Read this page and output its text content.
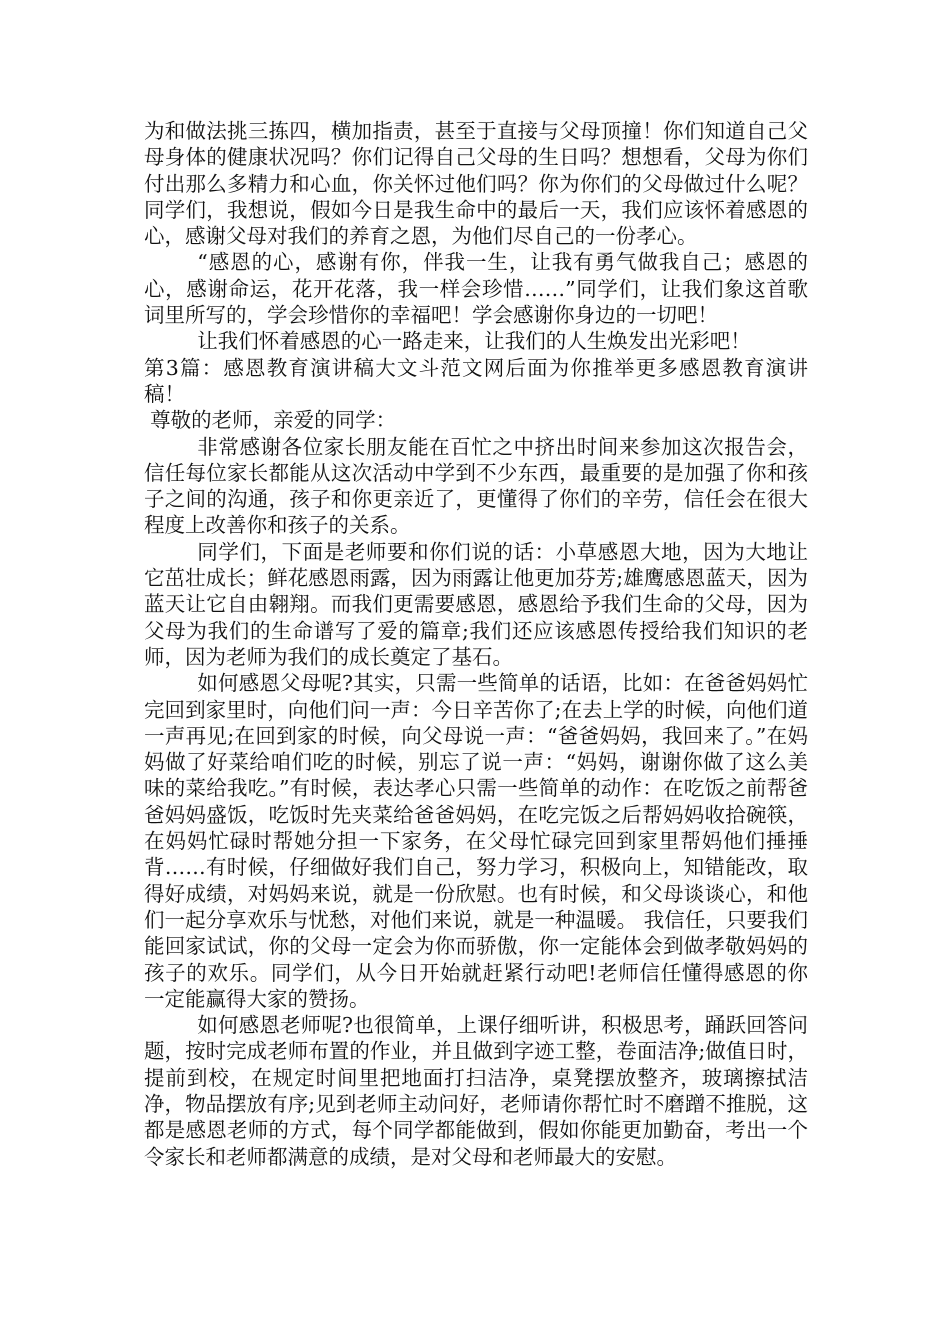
为和做法挑三拣四，横加指责，甚至于直接与父母顶撞！你们知道自己父母身体的健康状况吗？你们记得自己父母的生日吗？想想看，父母为你们付出那么多精力和心血，你关怀过他们吗？你为你们的父母做过什么呢？同学们，我想说，假如今日是我生命中的最后一天，我们应该怀着感恩的心，感谢父母对我们的养育之恩，为他们尽自己的一份孝心。

“感恩的心，感谢有你，伴我一生，让我有勇气做我自己；感恩的心，感谢命运，花开花落，我一样会珍惜……”同学们，让我们象这首歌词里所写的，学会珍惜你的幸福吧！学会感谢你身边的一切吧！

让我们怀着感恩的心一路走来，让我们的人生焕发出光彩吧！

第3篇：感恩教育演讲稿大文斗范文网后面为你推举更多感恩教育演讲稿！

尊敬的老师，亲爱的同学：

非常感谢各位家长朋友能在百忙之中挤出时间来参加这次报告会，信任每位家长都能从这次活动中学到不少东西，最重要的是加强了你和孩子之间的沟通，孩子和你更亲近了，更懂得了你们的辛劳，信任会在很大程度上改善你和孩子的关系。

同学们，下面是老师要和你们说的话：小草感恩大地，因为大地让它茁壮成长；鲜花感恩雨露，因为雨露让他更加芬芳;雄鹰感恩蓝天，因为蓝天让它自由翱翔。而我们更需要感恩，感恩给予我们生命的父母，因为父母为我们的生命谱写了爱的篇章;我们还应该感恩传授给我们知识的老师，因为老师为我们的成长奠定了基石。

如何感恩父母呢?其实，只需一些简单的话语，比如：在爸爸妈妈忙完回到家里时，向他们问一声：今日辛苦你了;在去上学的时候，向他们道一声再见;在回到家的时候，向父母说一声：“爸爸妈妈，我回来了。”在妈妈做了好菜给咱们吃的时候，别忘了说一声：“妈妈，谢谢你做了这么美味的菜给我吃。”有时候，表达孝心只需一些简单的动作：在吃饭之前帮爸爸妈妈盛饭，吃饭时先夹菜给爸爸妈妈，在吃完饭之后帮妈妈收拾碗筷，在妈妈忙碌时帮她分担一下家务，在父母忙碌完回到家里帮妈他们捶捶背……有时候，仔细做好我们自己，努力学习，积极向上，知错能改，取得好成绩，对妈妈来说，就是一份欣慰。也有时候，和父母谈谈心，和他们一起分享欢乐与忧愁，对他们来说，就是一种温暖。 我信任，只要我们能回家试试，你的父母一定会为你而骄傲，你一定能体会到做孝敬妈妈的孩子的欢乐。同学们，从今日开始就赶紧行动吧!老师信任懂得感恩的你一定能赢得大家的赞扬。

如何感恩老师呢?也很简单，上课仔细听讲，积极思考，踊跃回答问题，按时完成老师布置的作业，并且做到字迹工整，卷面洁净;做值日时，提前到校，在规定时间里把地面打扫洁净，桌凳摆放整齐，玻璃擦拭洁净，物品摆放有序;见到老师主动问好，老师请你帮忙时不磨蹭不推脱，这都是感恩老师的方式，每个同学都能做到，假如你能更加勤奋，考出一个令家长和老师都满意的成绩，是对父母和老师最大的安慰。
